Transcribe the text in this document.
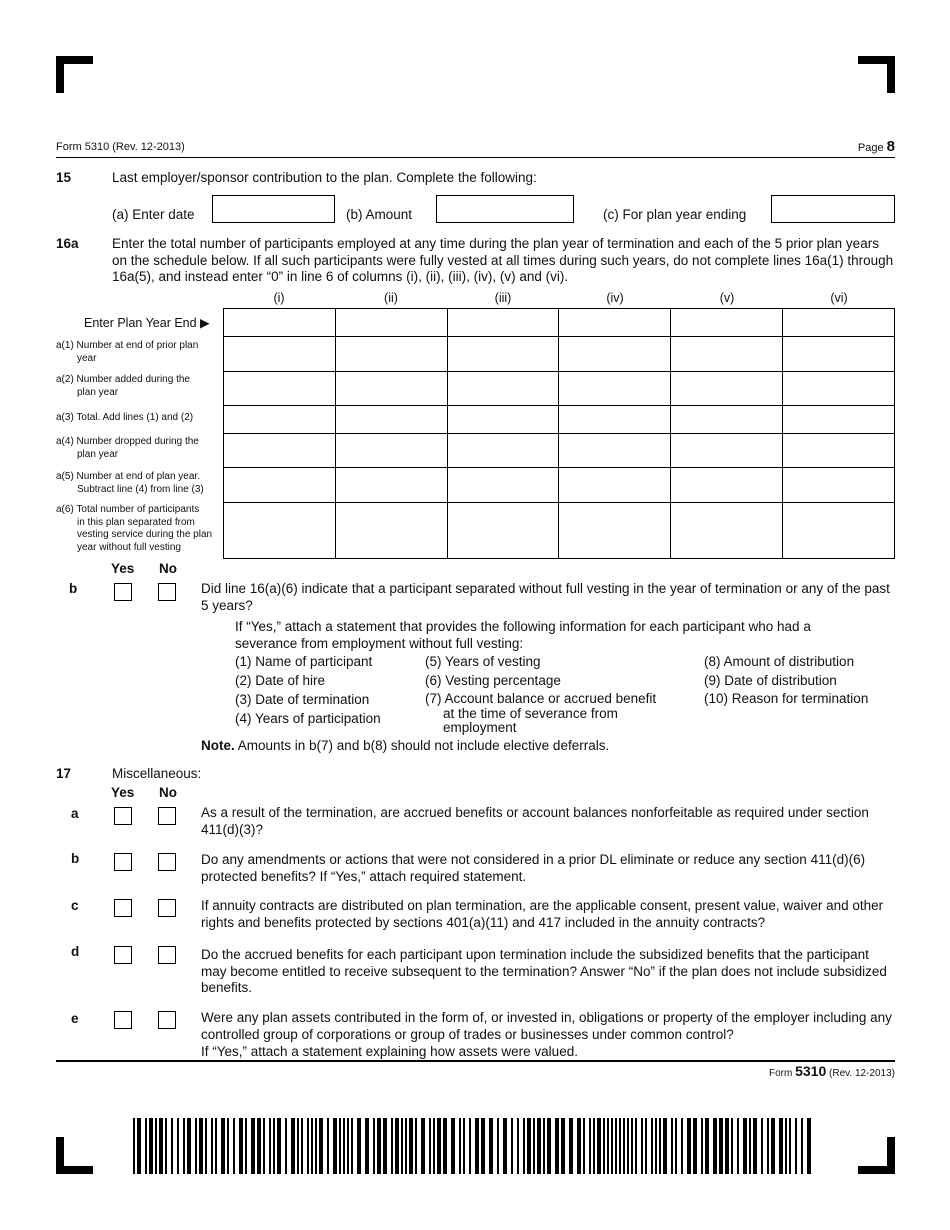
Form 5310 (Rev. 12-2013)	Page 8
15	Last employer/sponsor contribution to the plan. Complete the following:
(a) Enter date	(b) Amount	(c) For plan year ending
16a Enter the total number of participants employed at any time during the plan year of termination and each of the 5 prior plan years on the schedule below. If all such participants were fully vested at all times during such years, do not complete lines 16a(1) through 16a(5), and instead enter “0” in line 6 of columns (i), (ii), (iii), (iv), (v) and (vi).
(i)	(ii)	(iii)	(iv)	(v)	(vi)
Enter Plan Year End ▶
a(1) Number at end of prior plan
year
a(2) Number added during the
plan year
a(3) Total. Add lines (1) and (2)
a(4) Number dropped during the
plan year
a(5) Number at end of plan year.
Subtract line (4) from line (3)
a(6) Total number of participants
in this plan separated from vesting service during the plan year without full vesting

Yes No
b	Did line 16(a)(6) indicate that a participant separated without full vesting in the year of termination or any of the past 5 years?
If “Yes,” attach a statement that provides the following information for each participant who had a severance from employment without full vesting:
(1) Name of participant
(2) Date of hire
(3) Date of termination
(4) Years of participation
(5) Years of vesting
(6) Vesting percentage
(7) Account balance or accrued benefit
at the time of severance from
employment
(8) Amount of distribution
(9) Date of distribution
(10) Reason for termination
Note. Amounts in b(7) and b(8) should not include elective deferrals.
17	Miscellaneous:
Yes No
a	As a result of the termination, are accrued benefits or account balances nonforfeitable as required under section 411(d)(3)?
b	Do any amendments or actions that were not considered in a prior DL eliminate or reduce any section 411(d)(6) protected benefits? If “Yes,” attach required statement.
c	If annuity contracts are distributed on plan termination, are the applicable consent, present value, waiver and other rights and benefits protected by sections 401(a)(11) and 417 included in the annuity contracts?
d	Do the accrued benefits for each participant upon termination include the subsidized benefits that the participant may become entitled to receive subsequent to the termination? Answer “No” if the plan does not include subsidized benefits.
e	Were any plan assets contributed in the form of, or invested in, obligations or property of the employer including any controlled group of corporations or group of trades or businesses under common control?
If “Yes,” attach a statement explaining how assets were valued.
Form 5310 (Rev. 12-2013)
